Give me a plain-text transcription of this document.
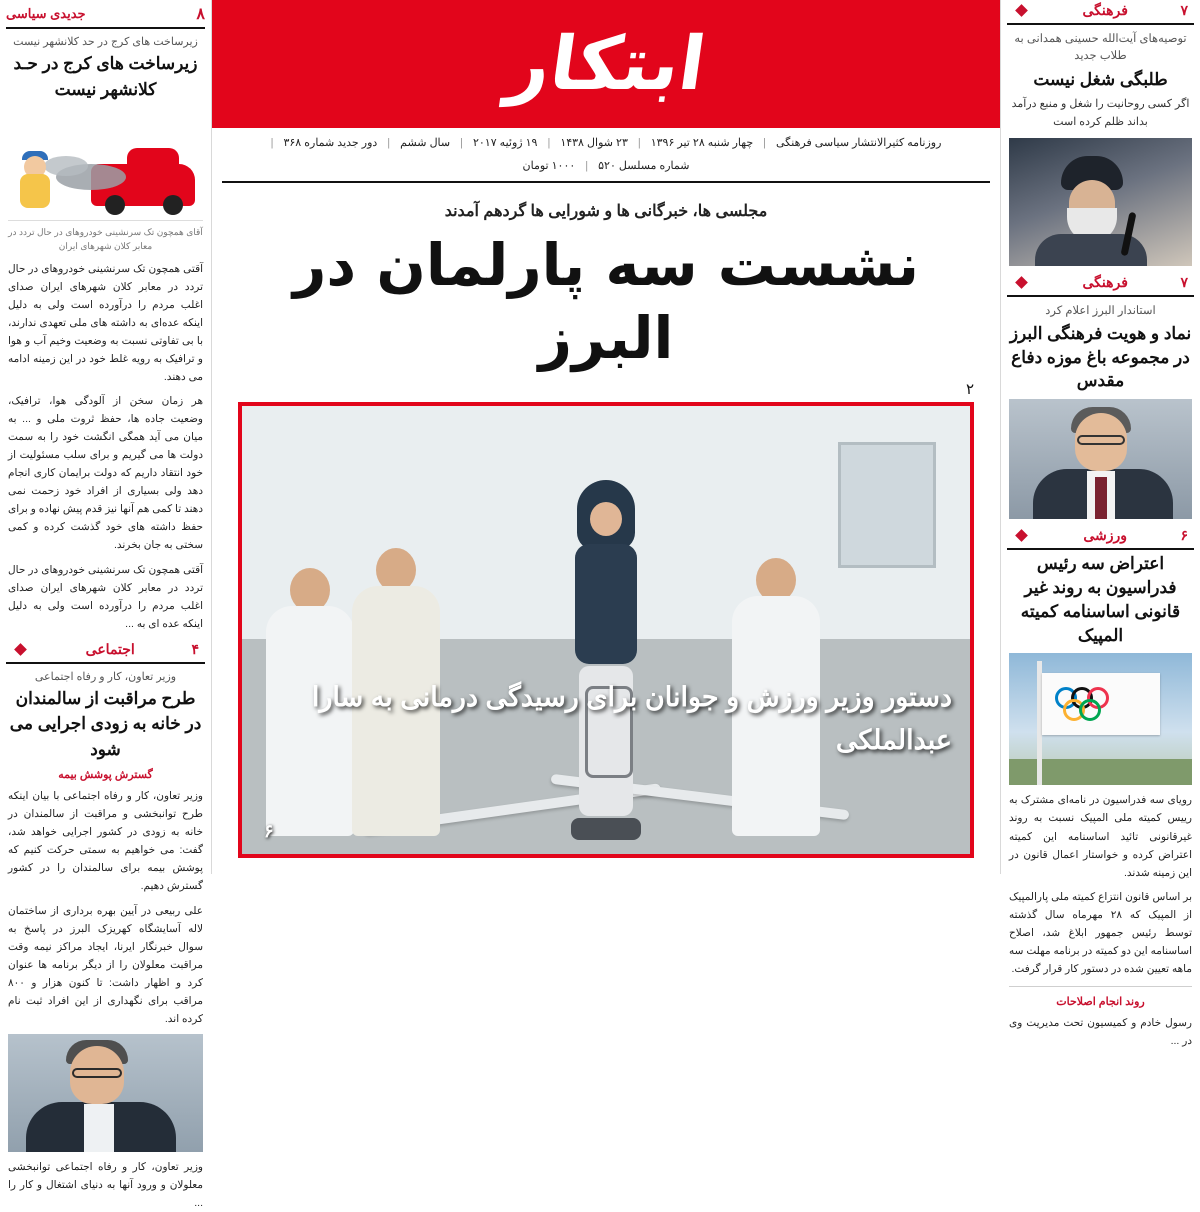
۷
فرهنگی
توصیه‌های آیت‌الله حسینی همدانی به طلاب جدید
طلبگی شغل نیست
اگر کسی روحانیت را شغل و منبع درآمد بداند ظلم کرده است
۷
فرهنگی
استاندار البرز اعلام کرد
نماد و هویت فرهنگی البرز در مجموعه باغ موزه دفاع مقدس
۶
ورزشی
اعتراض سه رئیس فدراسیون به روند غیر قانونی اساسنامه کمیته المپیک

رویای سه فدراسیون در نامه‌ای مشترک به رییس کمیته ملی المپیک نسبت به روند غیرقانونی تائید اساسنامه این کمیته اعتراض کرده و خواستار اعمال قانون در این زمینه شدند.

بر اساس قانون انتزاع کمیته ملی پارالمپیک از المپیک که ۲۸ مهرماه سال گذشته توسط رئیس جمهور ابلاغ شد، اصلاح اساسنامه این دو کمیته در برنامه مهلت سه ماهه تعیین شده در دستور کار قرار گرفت.

روند انجام اصلاحات
رسول خادم و کمیسیون تحت مدیریت وی در ...
ابتکار
روزنامه کثیرالانتشار سیاسی فرهنگی
|
چهار شنبه ۲۸ تیر ۱۳۹۶
|
۲۳ شوال ۱۴۳۸
|
۱۹ ژوئیه ۲۰۱۷
|
سال ششم
|
دور جدید شماره ۳۶۸
|
شماره مسلسل ۵۲۰
|
۱۰۰۰ تومان
مجلسی ها، خبرگانی ها و شورایی ها گردهم آمدند
نشست سه پارلمان در البرز
۲
دستور وزیر ورزش و جوانان برای رسیدگی درمانی به سارا عبدالملکی
۶
۸
جدیدی سیاسی
زیرساخت های کرج در حد کلانشهر نیست
زیرساخت های کرج در حـد کلانشهر نیست
آقای همچون تک سرنشینی خودروهای در حال تردد در معابر کلان شهرهای ایران

آقتی همچون تک سرنشینی خودروهای در حال تردد در معابر کلان شهرهای ایران صدای اغلب مردم را درآورده است ولی به دلیل اینکه عده‌ای به داشته های ملی تعهدی ندارند، با بی تفاوتی نسبت به وضعیت وخیم آب و هوا و ترافیک به رویه غلط خود در این زمینه ادامه می دهند.

هر زمان سخن از آلودگی هوا، ترافیک، وضعیت جاده ها، حفظ ثروت ملی و ... به میان می آید همگی انگشت خود را به سمت دولت ها می گیریم و برای سلب مسئولیت از خود انتقاد داریم که دولت برایمان کاری انجام دهد ولی بسیاری از افراد خود زحمت نمی دهند تا کمی هم آنها نیز قدم پیش نهاده و برای حفظ داشته های خود گذشت کرده و کمی سختی به جان بخرند.

آقتی همچون تک سرنشینی خودروهای در حال تردد در معابر کلان شهرهای ایران صدای اغلب مردم را درآورده است ولی به دلیل اینکه عده ای به ...

۴
اجتماعی
وزیر تعاون، کار و رفاه اجتماعی
طرح مراقبت از سالمندان در خانه به زودی اجرایی می شود
گسترش پوشش بیمه

وزیر تعاون، کار و رفاه اجتماعی با بیان اینکه طرح توانبخشی و مراقبت از سالمندان در خانه به زودی در کشور اجرایی خواهد شد، گفت: می خواهیم به سمتی حرکت کنیم که پوشش بیمه برای سالمندان را در کشور گسترش دهیم.

علی ربیعی در آیین بهره برداری از ساختمان لاله آسایشگاه کهریزک البرز در پاسخ به سوال خبرنگار ایرنا، ایجاد مراکز نیمه وقت مراقبت معلولان را از دیگر برنامه ها عنوان کرد و اظهار داشت: تا کنون هزار و ۸۰۰ مراقب برای نگهداری از این افراد ثبت نام کرده اند.

وزیر تعاون، کار و رفاه اجتماعی توانبخشی معلولان و ورود آنها به دنیای اشتغال و کار را ...
